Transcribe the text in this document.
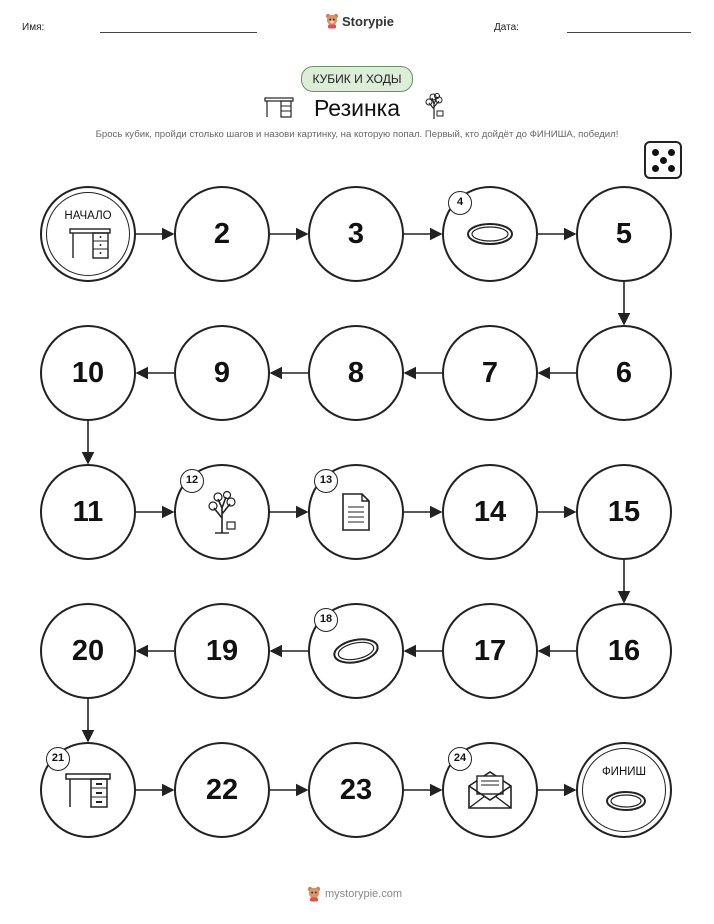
Имя:	Storypie	Дата:
КУБИК И ХОДЫ
Резинка
Брось кубик, пройди столько шагов и назови картинку, на которую попал. Первый, кто дойдёт до ФИНИША, победил!
НАЧАЛО
2	3
4
5
6
7
8
9
10
11
12	13
14	15
16
17
18
19
20
21
22	23
24
ФИНИШ
mystorypie.com
